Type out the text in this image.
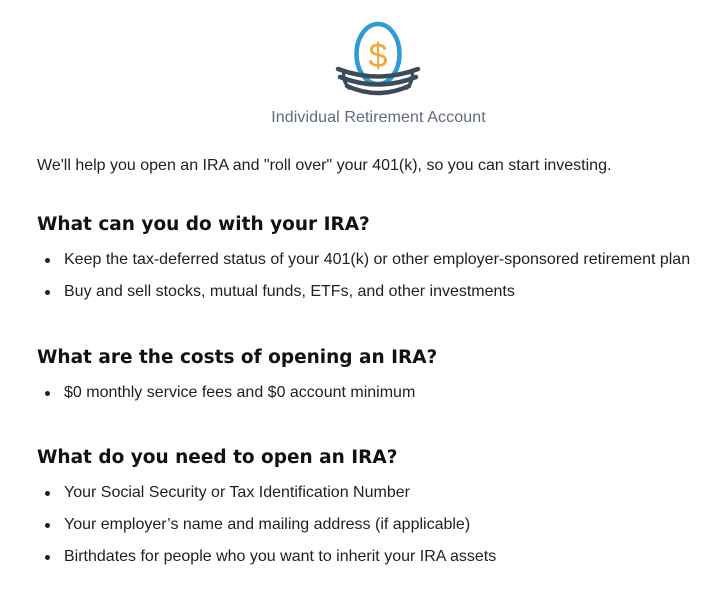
$
Individual Retirement Account
We'll help you open an IRA and "roll over" your 401(k), so you can start investing.
What can you do with your IRA?
Keep the tax-deferred status of your 401(k) or other employer-sponsored retirement plan
Buy and sell stocks, mutual funds, ETFs, and other investments
What are the costs of opening an IRA?
$0 monthly service fees and $0 account minimum
What do you need to open an IRA?
Your Social Security or Tax Identification Number
Your employer’s name and mailing address (if applicable)
Birthdates for people who you want to inherit your IRA assets
